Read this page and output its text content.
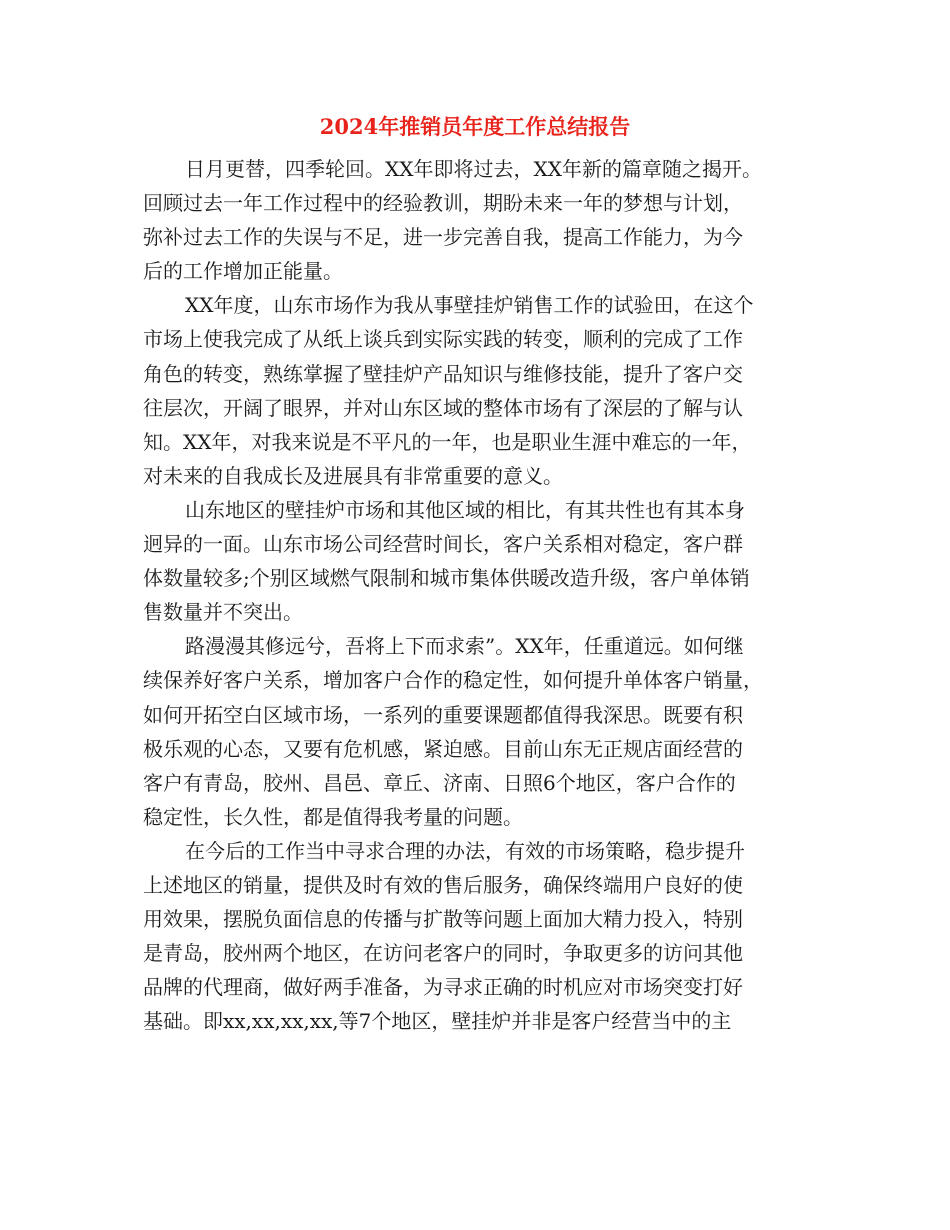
2024年推销员年度工作总结报告

日月更替，四季轮回。XX年即将过去，XX年新的篇章随之揭开。
回顾过去一年工作过程中的经验教训，期盼未来一年的梦想与计划，
弥补过去工作的失误与不足，进一步完善自我，提高工作能力，为今
后的工作增加正能量。

XX年度，山东市场作为我从事壁挂炉销售工作的试验田，在这个
市场上使我完成了从纸上谈兵到实际实践的转变，顺利的完成了工作
角色的转变，熟练掌握了壁挂炉产品知识与维修技能，提升了客户交
往层次，开阔了眼界，并对山东区域的整体市场有了深层的了解与认
知。XX年，对我来说是不平凡的一年，也是职业生涯中难忘的一年，
对未来的自我成长及进展具有非常重要的意义。

山东地区的壁挂炉市场和其他区域的相比，有其共性也有其本身
迥异的一面。山东市场公司经营时间长，客户关系相对稳定，客户群
体数量较多;个别区域燃气限制和城市集体供暖改造升级，客户单体销
售数量并不突出。

路漫漫其修远兮，吾将上下而求索”。XX年，任重道远。如何继
续保养好客户关系，增加客户合作的稳定性，如何提升单体客户销量，
如何开拓空白区域市场，一系列的重要课题都值得我深思。既要有积
极乐观的心态，又要有危机感，紧迫感。目前山东无正规店面经营的
客户有青岛，胶州、昌邑、章丘、济南、日照6个地区，客户合作的
稳定性，长久性，都是值得我考量的问题。

在今后的工作当中寻求合理的办法，有效的市场策略，稳步提升
上述地区的销量，提供及时有效的售后服务，确保终端用户良好的使
用效果，摆脱负面信息的传播与扩散等问题上面加大精力投入，特别
是青岛，胶州两个地区，在访问老客户的同时，争取更多的访问其他
品牌的代理商，做好两手准备，为寻求正确的时机应对市场突变打好
基础。即xx,xx,xx,xx,等7个地区，壁挂炉并非是客户经营当中的主
